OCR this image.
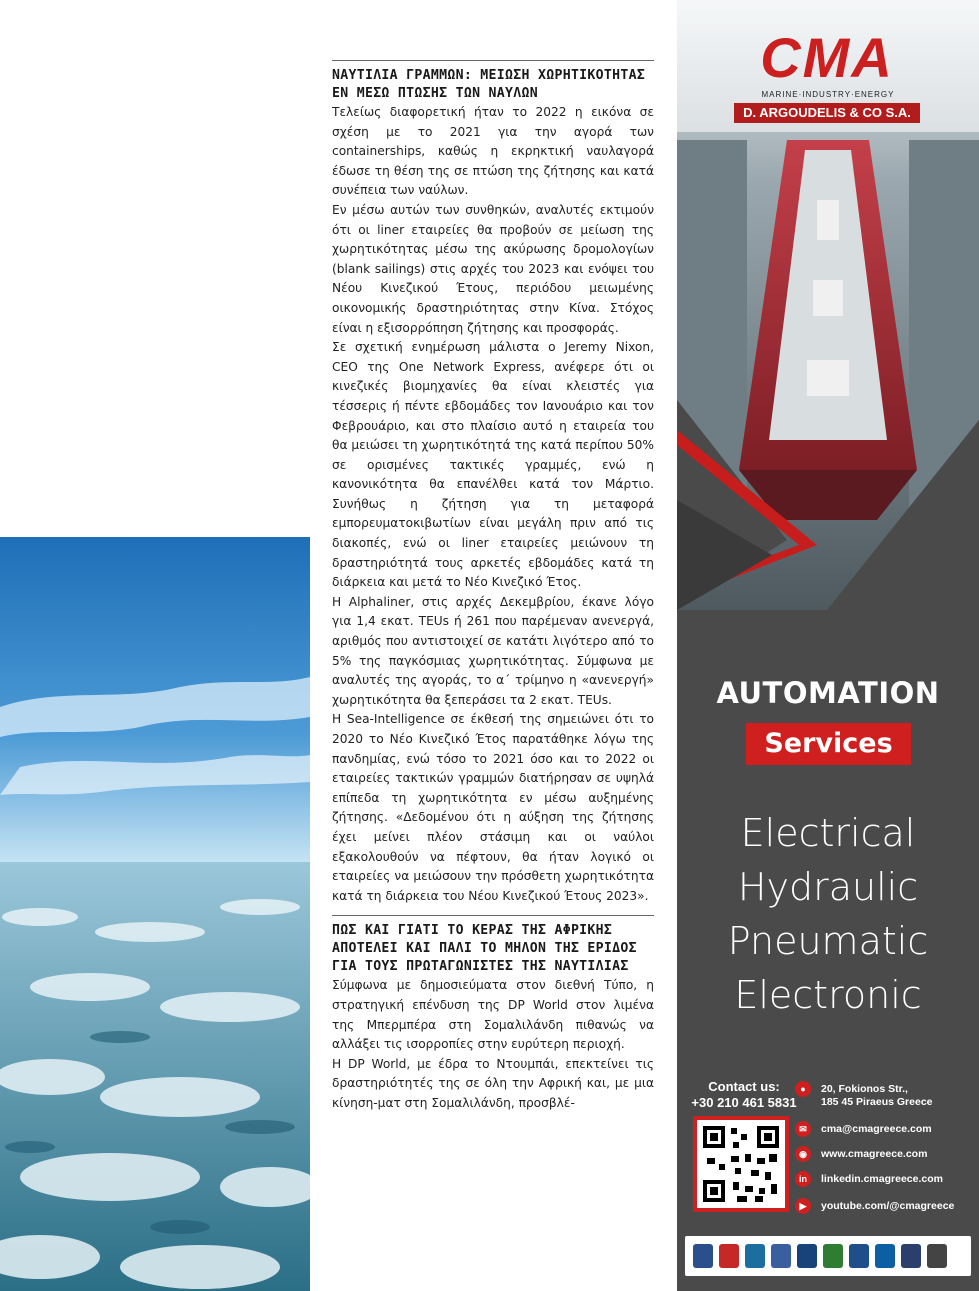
ΝΑΥΤΙΛΙΑ ΓΡΑΜΜΩΝ: ΜΕΙΩΣΗ ΧΩΡΗΤΙΚΟΤΗΤΑΣ ΕΝ ΜΕΣΩ ΠΤΩΣΗΣ ΤΩΝ ΝΑΥΛΩΝ

Τελείως διαφορετική ήταν το 2022 η εικόνα σε σχέση με το 2021 για την αγορά των containerships, καθώς η εκρηκτική ναυλαγορά έδωσε τη θέση της σε πτώση της ζήτησης και κατά συνέπεια των ναύλων.

Εν μέσω αυτών των συνθηκών, αναλυτές εκτιμούν ότι οι liner εταιρείες θα προβούν σε μείωση της χωρητικότητας μέσω της ακύρωσης δρομολογίων (blank sailings) στις αρχές του 2023 και ενόψει του Νέου Κινεζικού Έτους, περιόδου μειωμένης οικονομικής δραστηριότητας στην Κίνα. Στόχος είναι η εξισορρόπηση ζήτησης και προσφοράς.

Σε σχετική ενημέρωση μάλιστα ο Jeremy Nixon, CEO της One Network Express, ανέφερε ότι οι κινεζικές βιομηχανίες θα είναι κλειστές για τέσσερις ή πέντε εβδομάδες τον Ιανουάριο και τον Φεβρουάριο, και στο πλαίσιο αυτό η εταιρεία του θα μειώσει τη χωρητικότητά της κατά περίπου 50% σε ορισμένες τακτικές γραμμές, ενώ η κανονικότητα θα επανέλθει κατά τον Μάρτιο. Συνήθως η ζήτηση για τη μεταφορά εμπορευματοκιβωτίων είναι μεγάλη πριν από τις διακοπές, ενώ οι liner εταιρείες μειώνουν τη δραστηριότητά τους αρκετές εβδομάδες κατά τη διάρκεια και μετά το Νέο Κινεζικό Έτος.

Η Alphaliner, στις αρχές Δεκεμβρίου, έκανε λόγο για 1,4 εκατ. TEUs ή 261 που παρέμεναν ανενεργά, αριθμός που αντιστοιχεί σε κατάτι λιγότερο από το 5% της παγκόσμιας χωρητικότητας. Σύμφωνα με αναλυτές της αγοράς, το α΄ τρίμηνο η «ανενεργή» χωρητικότητα θα ξεπεράσει τα 2 εκατ. TEUs.

Η Sea-Intelligence σε έκθεσή της σημειώνει ότι το 2020 το Νέο Κινεζικό Έτος παρατάθηκε λόγω της πανδημίας, ενώ τόσο το 2021 όσο και το 2022 οι εταιρείες τακτικών γραμμών διατήρησαν σε υψηλά επίπεδα τη χωρητικότητα εν μέσω αυξημένης ζήτησης. «Δεδομένου ότι η αύξηση της ζήτησης έχει μείνει πλέον στάσιμη και οι ναύλοι εξακολουθούν να πέφτουν, θα ήταν λογικό οι εταιρείες να μειώσουν την πρόσθετη χωρητικότητα κατά τη διάρκεια του Νέου Κινεζικού Έτους 2023».

ΠΩΣ ΚΑΙ ΓΙΑΤΙ ΤΟ ΚΕΡΑΣ ΤΗΣ ΑΦΡΙΚΗΣ ΑΠΟΤΕΛΕΙ ΚΑΙ ΠΑΛΙ ΤΟ ΜΗΛΟΝ ΤΗΣ ΕΡΙΔΟΣ ΓΙΑ ΤΟΥΣ ΠΡΩΤΑΓΩΝΙΣΤΕΣ ΤΗΣ ΝΑΥΤΙΛΙΑΣ

Σύμφωνα με δημοσιεύματα στον διεθνή Τύπο, η στρατηγική επένδυση της DP World στον λιμένα της Μπερμπέρα στη Σομαλιλάνδη πιθανώς να αλλάξει τις ισορροπίες στην ευρύτερη περιοχή.

Η DP World, με έδρα το Ντουμπάι, επεκτείνει τις δραστηριότητές της σε όλη την Αφρική και, με μια κίνηση-ματ στη Σομαλιλάνδη, προσβλέ-

CMA
MARINE·INDUSTRY·ENERGY
D. ARGOUDELIS & CO S.A.
AUTOMATION
Services
Electrical
Hydraulic
Pneumatic
Electronic
Contact us:
+30 210 461 5831
●	20, Fokionos Str.,
185 45 Piraeus Greece
✉	cma@cmagreece.com
◉	www.cmagreece.com
in	linkedin.cmagreece.com
▶	youtube.com/@cmagreece
